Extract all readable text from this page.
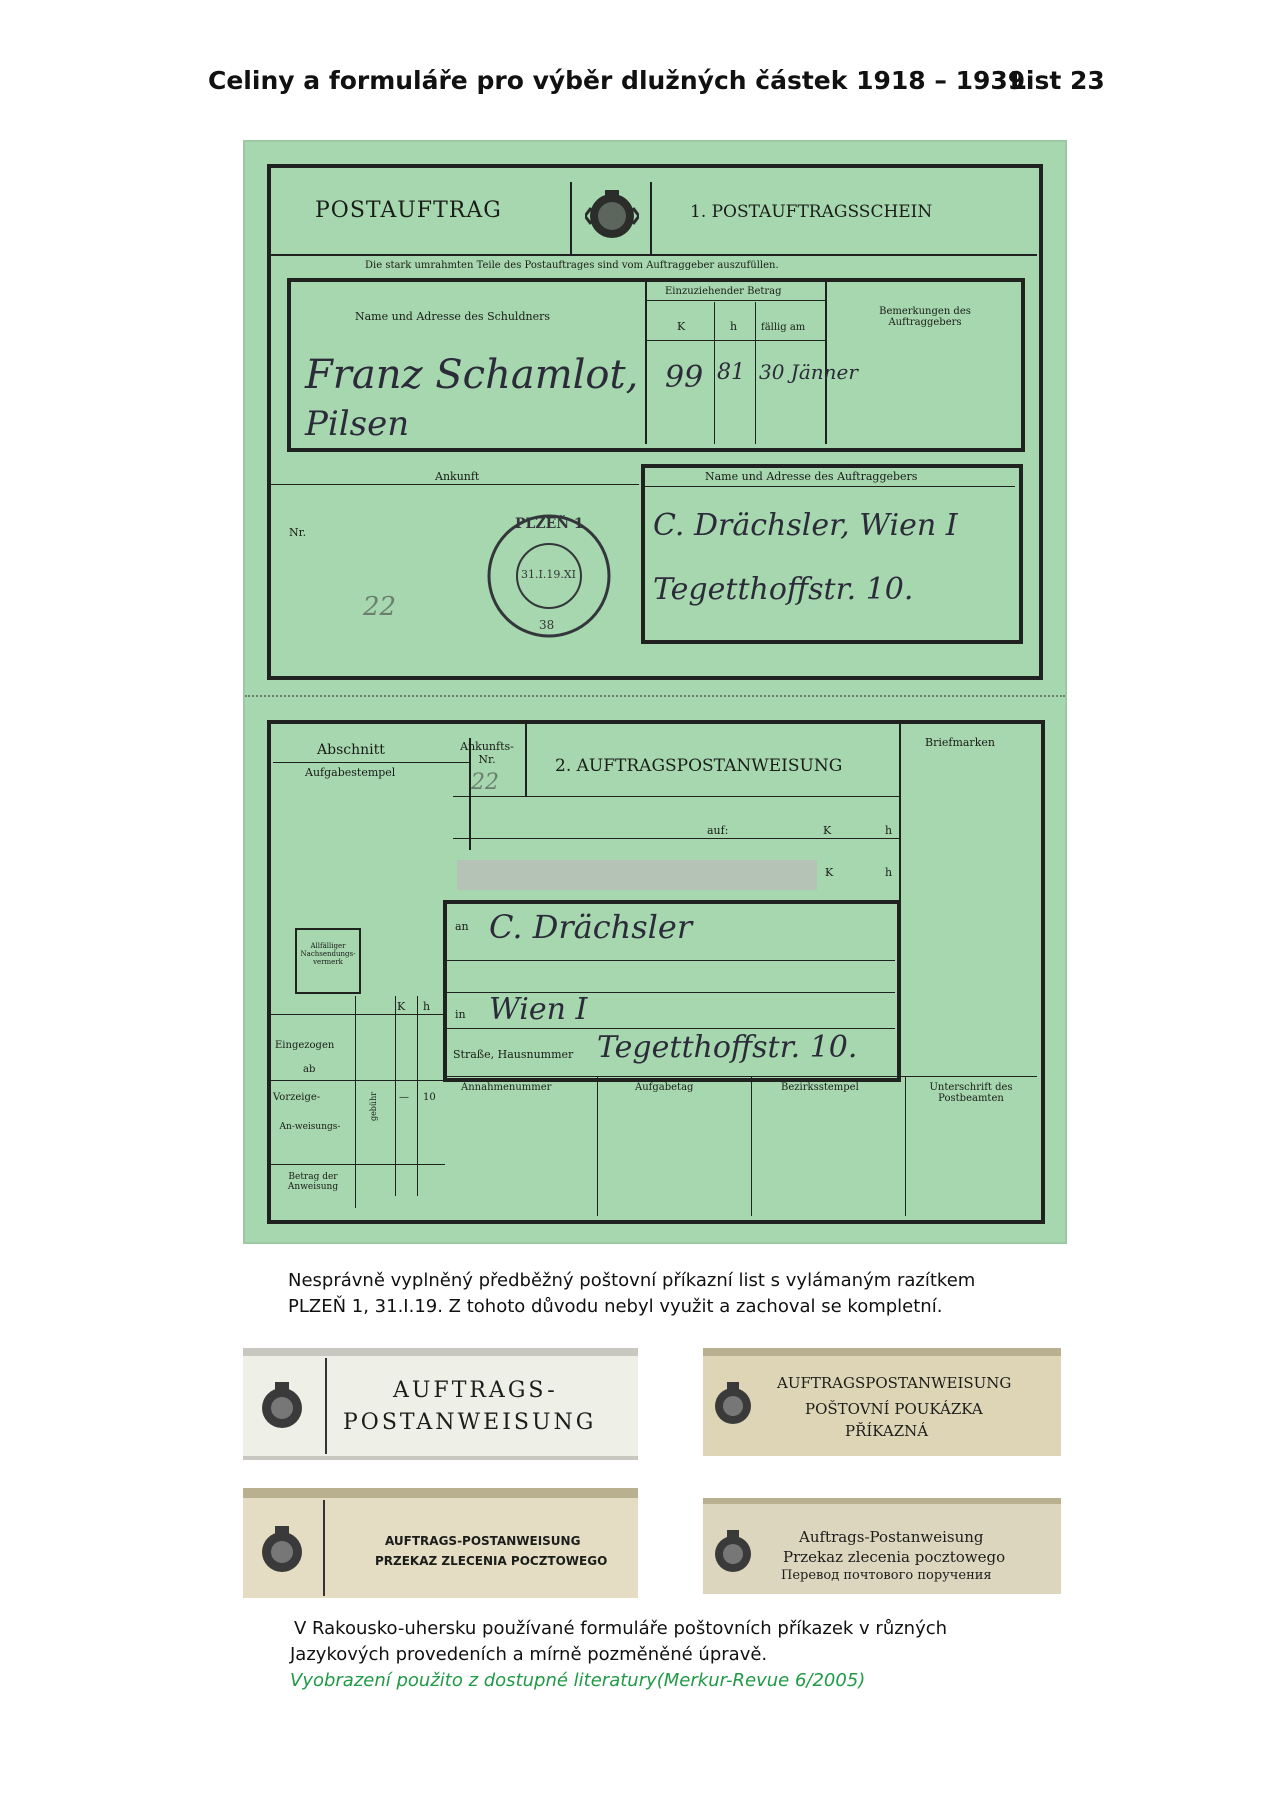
Celiny a formuláře pro výběr dlužných částek 1918 – 1939
List 23
POSTAUFTRAG	1. POSTAUFTRAGSSCHEIN
Die stark umrahmten Teile des Postauftrages sind vom Auftraggeber auszufüllen.
Name und Adresse des Schuldners
Einzuziehender Betrag
K	h fällig am
Bemerkungen des Auftraggebers
Franz Schamlot,
Pilsen
99 81 30 Jänner
Ankunft
Nr.
22
PLZEŇ 1
31.I.19.XI
38
Name und Adresse des Auftraggebers
C. Drächsler, Wien I
Tegetthoffstr. 10.
Abschnitt
Aufgabestempel
Ankunfts-Nr.
22
2. AUFTRAGSPOSTANWEISUNG
Briefmarken
auf:	K	h
K	h
Allfälliger Nachsendungs-vermerk
an C. Drächsler
in Wien I
Straße, Hausnummer Tegetthoffstr. 10.
K h
Eingezogen
ab
Vorzeige-	— 10
gebühr
An-weisungs-
Betrag der Anweisung
Annahmenummer	Aufgabetag	Bezirksstempel	Unterschrift des Postbeamten
Nesprávně vyplněný předběžný poštovní příkazní list s vylámaným razítkem
PLZEŇ 1, 31.I.19. Z tohoto důvodu nebyl využit a zachoval se kompletní.
AUFTRAGS-
POSTANWEISUNG
AUFTRAGSPOSTANWEISUNG
POŠTOVNÍ POUKÁZKA
PŘÍKAZNÁ
AUFTRAGS-POSTANWEISUNG
PRZEKAZ ZLECENIA POCZTOWEGO
Auftrags-Postanweisung
Przekaz zlecenia pocztowego
Перевод почтового поручения
V Rakousko-uhersku používané formuláře poštovních příkazek v různých
Jazykových provedeních a mírně pozměněné úpravě.
Vyobrazení použito z dostupné literatury(Merkur-Revue 6/2005)
